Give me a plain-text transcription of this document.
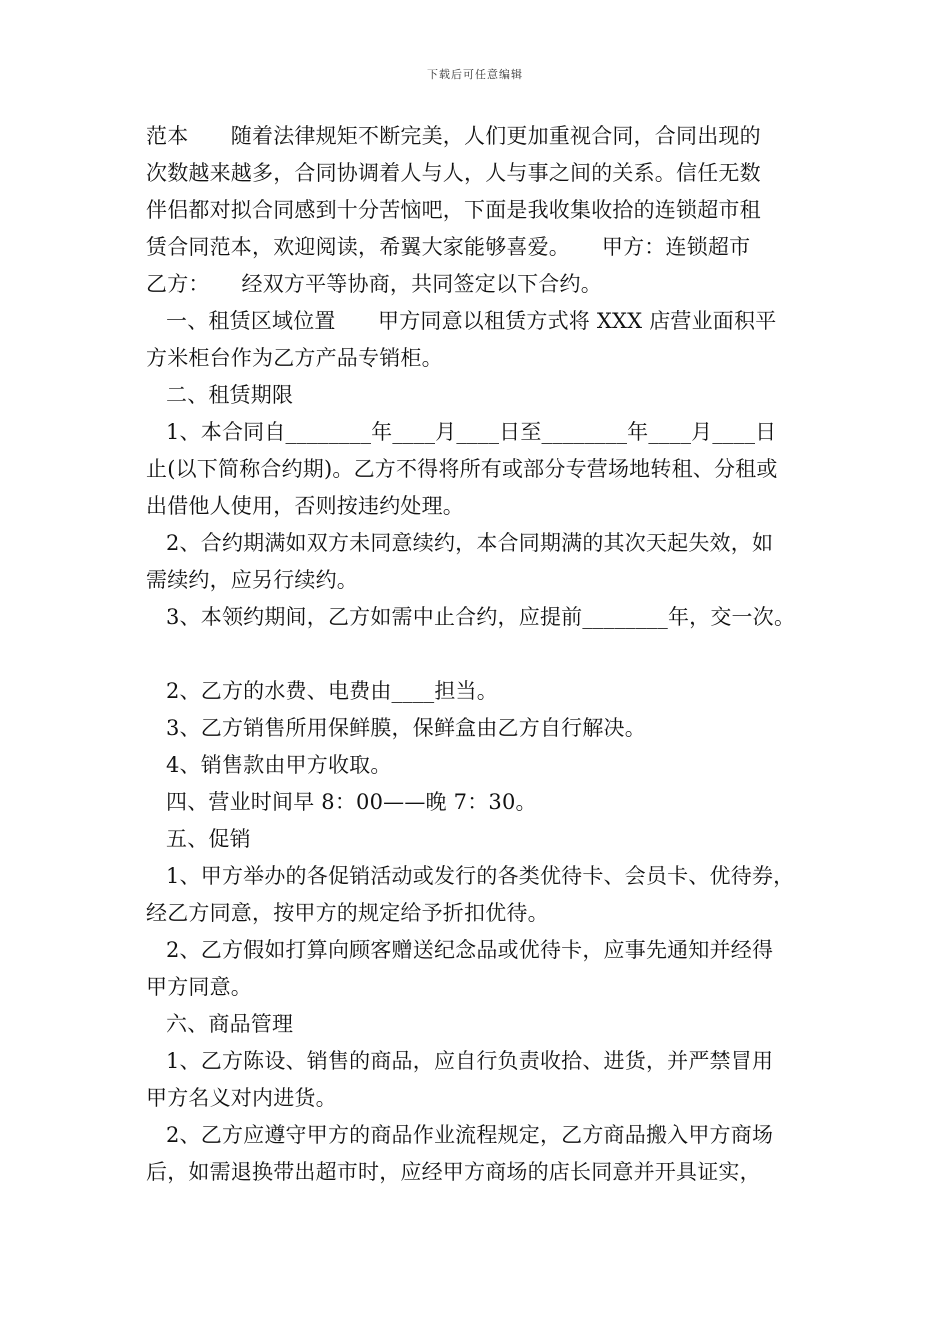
下载后可任意编辑
范本　　随着法律规矩不断完美，人们更加重视合同，合同出现的
次数越来越多，合同协调着人与人，人与事之间的关系。信任无数
伴侣都对拟合同感到十分苦恼吧，下面是我收集收拾的连锁超市租
赁合同范本，欢迎阅读，希翼大家能够喜爱。　　甲方：连锁超市
乙方：　　经双方平等协商，共同签定以下合约。
一、租赁区域位置　　甲方同意以租赁方式将 XXX 店营业面积平
方米柜台作为乙方产品专销柜。
二、租赁期限
1、本合同自________年____月____日至________年____月____日
止(以下简称合约期)。乙方不得将所有或部分专营场地转租、分租或
出借他人使用，否则按违约处理。
2、合约期满如双方未同意续约，本合同期满的其次天起失效，如
需续约，应另行续约。
3、本领约期间，乙方如需中止合约，应提前________年，交一次。
2、乙方的水费、电费由____担当。
3、乙方销售所用保鲜膜，保鲜盒由乙方自行解决。
4、销售款由甲方收取。
四、营业时间早 8：00——晚 7：30。
五、促销
1、甲方举办的各促销活动或发行的各类优待卡、会员卡、优待券，
经乙方同意，按甲方的规定给予折扣优待。
2、乙方假如打算向顾客赠送纪念品或优待卡，应事先通知并经得
甲方同意。
六、商品管理
1、乙方陈设、销售的商品，应自行负责收拾、进货，并严禁冒用
甲方名义对内进货。
2、乙方应遵守甲方的商品作业流程规定，乙方商品搬入甲方商场
后，如需退换带出超市时，应经甲方商场的店长同意并开具证实，
